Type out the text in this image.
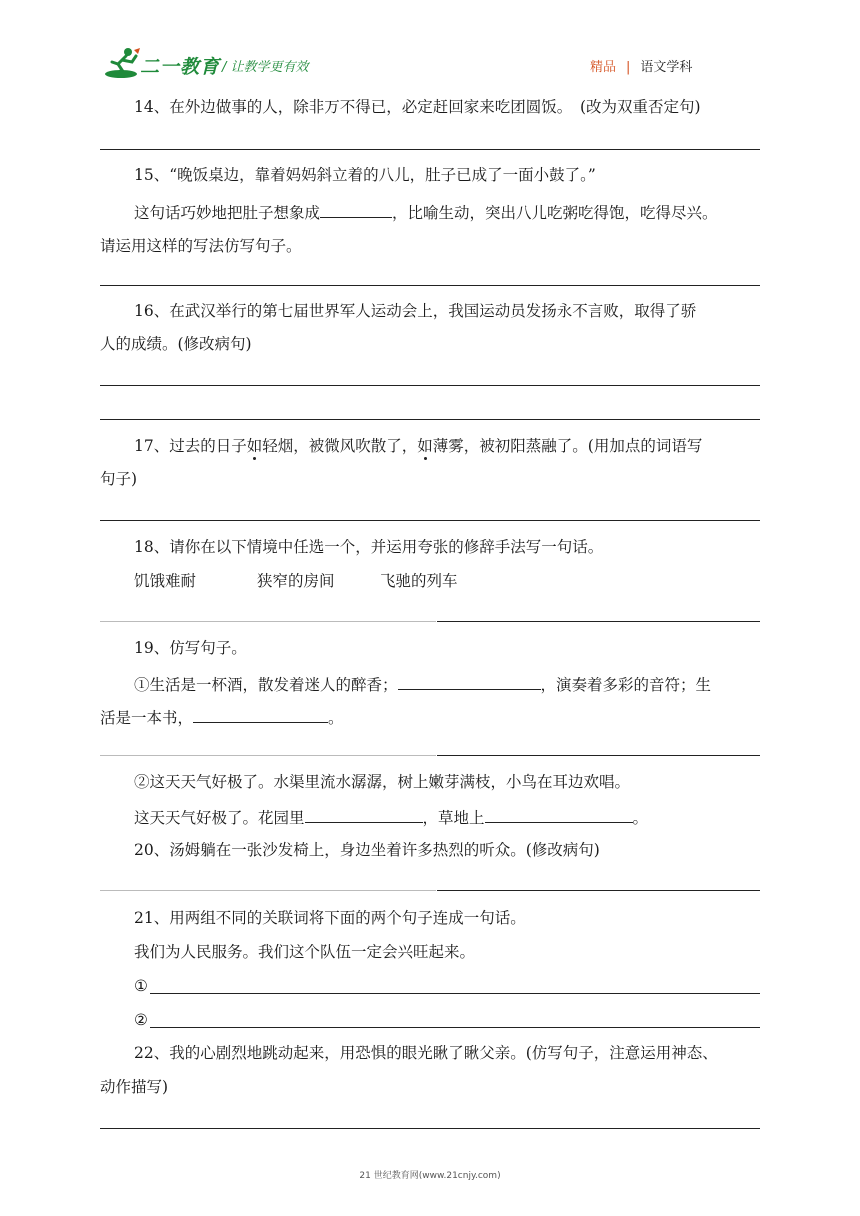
二一教育 / 让教学更有效	精品 | 语文学科
14、在外边做事的人，除非万不得已，必定赶回家来吃团圆饭。　(改为双重否定句)
15、“晚饭桌边，靠着妈妈斜立着的八儿，肚子已成了一面小鼓了。”
这句话巧妙地把肚子想象成	，比喻生动，突出八儿吃粥吃得饱，吃得尽兴。
请运用这样的写法仿写句子。
16、在武汉举行的第七届世界军人运动会上，我国运动员发扬永不言败，取得了骄
人的成绩。(修改病句)
17、过去的日子如轻烟，被微风吹散了，如薄雾，被初阳蒸融了。(用加点的词语写
句子)
18、请你在以下情境中任选一个，并运用夸张的修辞手法写一句话。
饥饿难耐	狭窄的房间	飞驰的列车
19、仿写句子。
①生活是一杯酒，散发着迷人的醉香；	，演奏着多彩的音符；生
活是一本书，	。
②这天天气好极了。水渠里流水潺潺，树上嫩芽满枝，小鸟在耳边欢唱。
这天天气好极了。花园里	，草地上	。
20、汤姆躺在一张沙发椅上，身边坐着许多热烈的听众。(修改病句)
21、用两组不同的关联词将下面的两个句子连成一句话。
我们为人民服务。我们这个队伍一定会兴旺起来。
①
②
22、我的心剧烈地跳动起来，用恐惧的眼光瞅了瞅父亲。(仿写句子，注意运用神态、
动作描写)
21 世纪教育网(www.21cnjy.com)
